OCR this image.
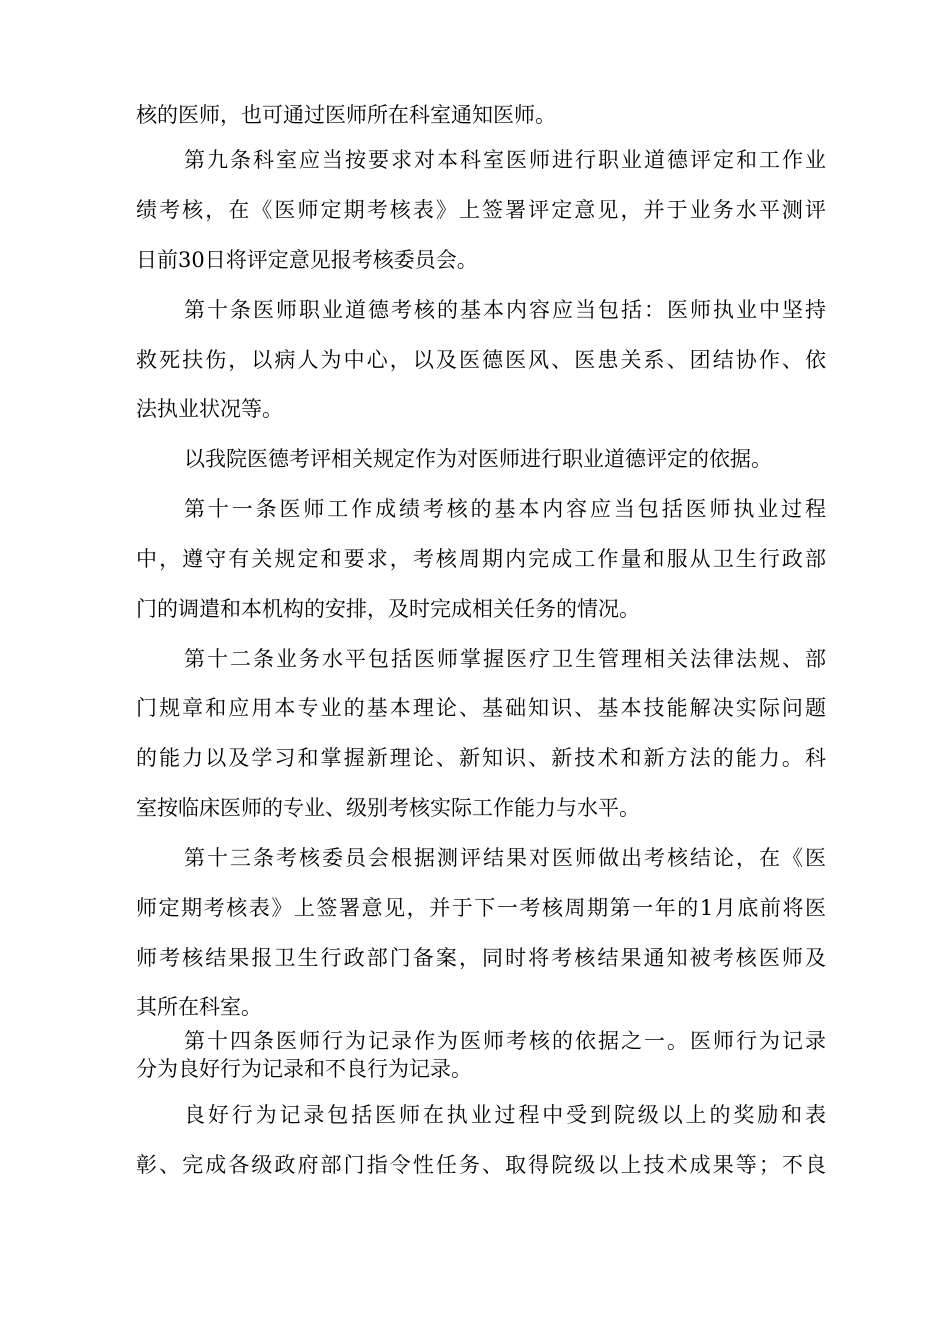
核的医师，也可通过医师所在科室通知医师。
第九条科室应当按要求对本科室医师进行职业道德评定和工作业
绩考核，在《医师定期考核表》上签署评定意见，并于业务水平测评
日前30日将评定意见报考核委员会。
第十条医师职业道德考核的基本内容应当包括：医师执业中坚持
救死扶伤，以病人为中心，以及医德医风、医患关系、团结协作、依
法执业状况等。
以我院医德考评相关规定作为对医师进行职业道德评定的依据。
第十一条医师工作成绩考核的基本内容应当包括医师执业过程
中，遵守有关规定和要求，考核周期内完成工作量和服从卫生行政部
门的调遣和本机构的安排，及时完成相关任务的情况。
第十二条业务水平包括医师掌握医疗卫生管理相关法律法规、部
门规章和应用本专业的基本理论、基础知识、基本技能解决实际问题
的能力以及学习和掌握新理论、新知识、新技术和新方法的能力。科
室按临床医师的专业、级别考核实际工作能力与水平。
第十三条考核委员会根据测评结果对医师做出考核结论，在《医
师定期考核表》上签署意见，并于下一考核周期第一年的1月底前将医
师考核结果报卫生行政部门备案，同时将考核结果通知被考核医师及
其所在科室。
第十四条医师行为记录作为医师考核的依据之一。医师行为记录
分为良好行为记录和不良行为记录。
良好行为记录包括医师在执业过程中受到院级以上的奖励和表
彰、完成各级政府部门指令性任务、取得院级以上技术成果等；不良
